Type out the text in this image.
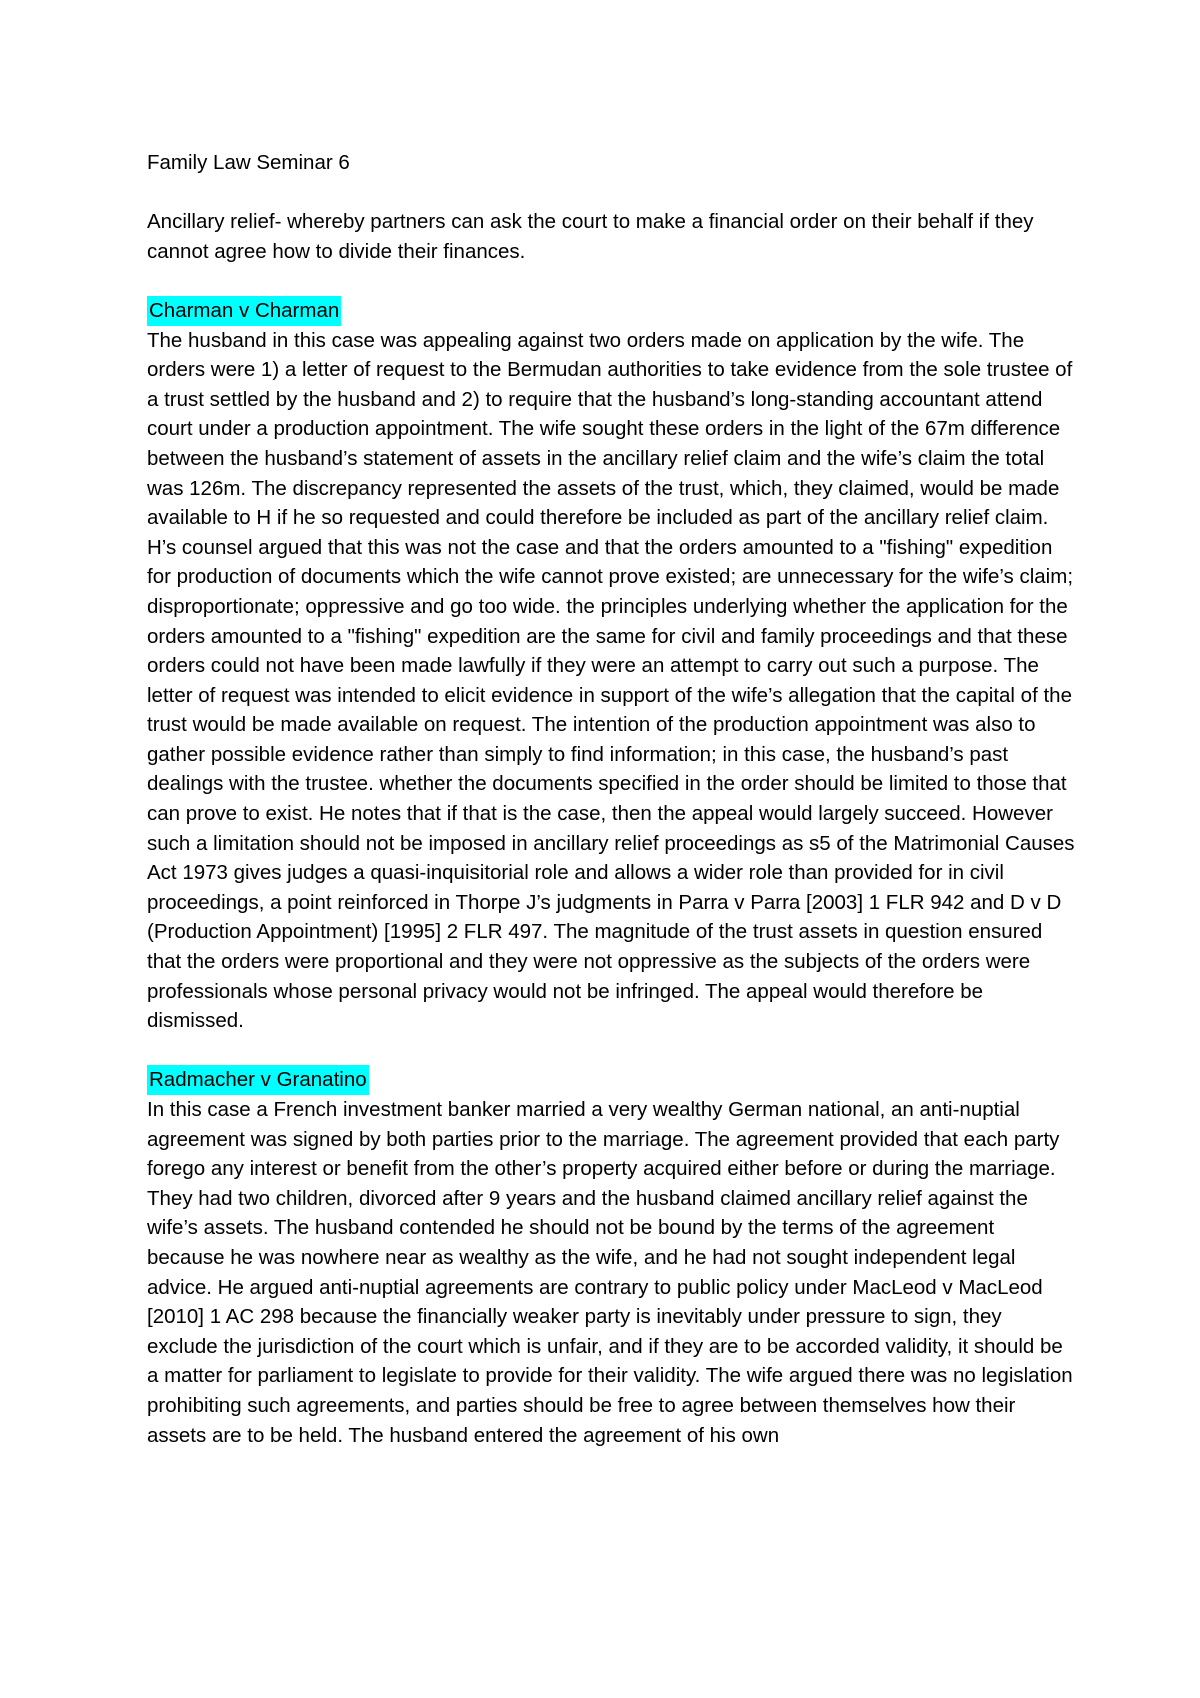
Family Law Seminar 6

Ancillary relief- whereby partners can ask the court to make a financial order on their behalf if they cannot agree how to divide their finances.

Charman v Charman

The husband in this case was appealing against two orders made on application by the wife. The orders were 1) a letter of request to the Bermudan authorities to take evidence from the sole trustee of a trust settled by the husband and 2) to require that the husband’s long-standing accountant attend court under a production appointment. The wife sought these orders in the light of the 67m difference between the husband’s statement of assets in the ancillary relief claim and the wife’s claim the total was 126m. The discrepancy represented the assets of the trust, which, they claimed, would be made available to H if he so requested and could therefore be included as part of the ancillary relief claim. H’s counsel argued that this was not the case and that the orders amounted to a "fishing" expedition for production of documents which the wife cannot prove existed; are unnecessary for the wife’s claim; disproportionate; oppressive and go too wide. the principles underlying whether the application for the orders amounted to a "fishing" expedition are the same for civil and family proceedings and that these orders could not have been made lawfully if they were an attempt to carry out such a purpose. The letter of request was intended to elicit evidence in support of the wife’s allegation that the capital of the trust would be made available on request. The intention of the production appointment was also to gather possible evidence rather than simply to find information; in this case, the husband’s past dealings with the trustee. whether the documents specified in the order should be limited to those that can prove to exist. He notes that if that is the case, then the appeal would largely succeed. However such a limitation should not be imposed in ancillary relief proceedings as s5 of the Matrimonial Causes Act 1973 gives judges a quasi-inquisitorial role and allows a wider role than provided for in civil proceedings, a point reinforced in Thorpe J’s judgments in Parra v Parra [2003] 1 FLR 942 and D v D (Production Appointment) [1995] 2 FLR 497. The magnitude of the trust assets in question ensured that the orders were proportional and they were not oppressive as the subjects of the orders were professionals whose personal privacy would not be infringed. The appeal would therefore be dismissed.

Radmacher v Granatino

In this case a French investment banker married a very wealthy German national, an anti-nuptial agreement was signed by both parties prior to the marriage. The agreement provided that each party forego any interest or benefit from the other’s property acquired either before or during the marriage. They had two children, divorced after 9 years and the husband claimed ancillary relief against the wife’s assets. The husband contended he should not be bound by the terms of the agreement because he was nowhere near as wealthy as the wife, and he had not sought independent legal advice. He argued anti-nuptial agreements are contrary to public policy under MacLeod v MacLeod [2010] 1 AC 298 because the financially weaker party is inevitably under pressure to sign, they exclude the jurisdiction of the court which is unfair, and if they are to be accorded validity, it should be a matter for parliament to legislate to provide for their validity. The wife argued there was no legislation prohibiting such agreements, and parties should be free to agree between themselves how their assets are to be held. The husband entered the agreement of his own
